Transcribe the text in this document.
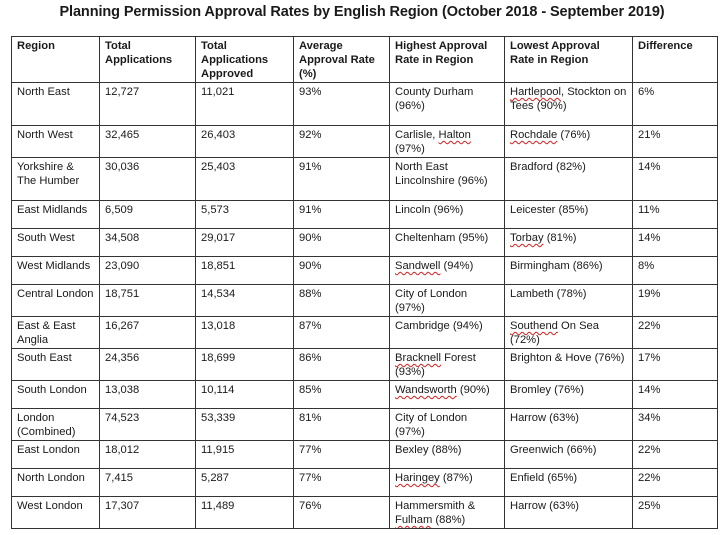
Planning Permission Approval Rates by English Region (October 2018 - September 2019)
Region	Total Applications	Total Applications Approved	Average Approval Rate (%)	Highest Approval Rate in Region	Lowest Approval Rate in Region	Difference
North East	12,727	11,021	93%	County Durham (96%)	Hartlepool, Stockton on Tees (90%)	6%
North West	32,465	26,403	92%	Carlisle, Halton (97%)	Rochdale (76%)	21%
Yorkshire & The Humber	30,036	25,403	91%	North East Lincolnshire (96%)	Bradford (82%)	14%
East Midlands	6,509	5,573	91%	Lincoln (96%)	Leicester (85%)	11%
South West	34,508	29,017	90%	Cheltenham (95%)	Torbay (81%)	14%
West Midlands	23,090	18,851	90%	Sandwell (94%)	Birmingham (86%)	8%
Central London	18,751	14,534	88%	City of London (97%)	Lambeth (78%)	19%
East & East Anglia	16,267	13,018	87%	Cambridge (94%)	Southend On Sea (72%)	22%
South East	24,356	18,699	86%	Bracknell Forest (93%)	Brighton & Hove (76%)	17%
South London	13,038	10,114	85%	Wandsworth (90%)	Bromley (76%)	14%
London (Combined)	74,523	53,339	81%	City of London (97%)	Harrow (63%)	34%
East London	18,012	11,915	77%	Bexley (88%)	Greenwich (66%)	22%
North London	7,415	5,287	77%	Haringey (87%)	Enfield (65%)	22%
West London	17,307	11,489	76%	Hammersmith & Fulham (88%)	Harrow (63%)	25%
